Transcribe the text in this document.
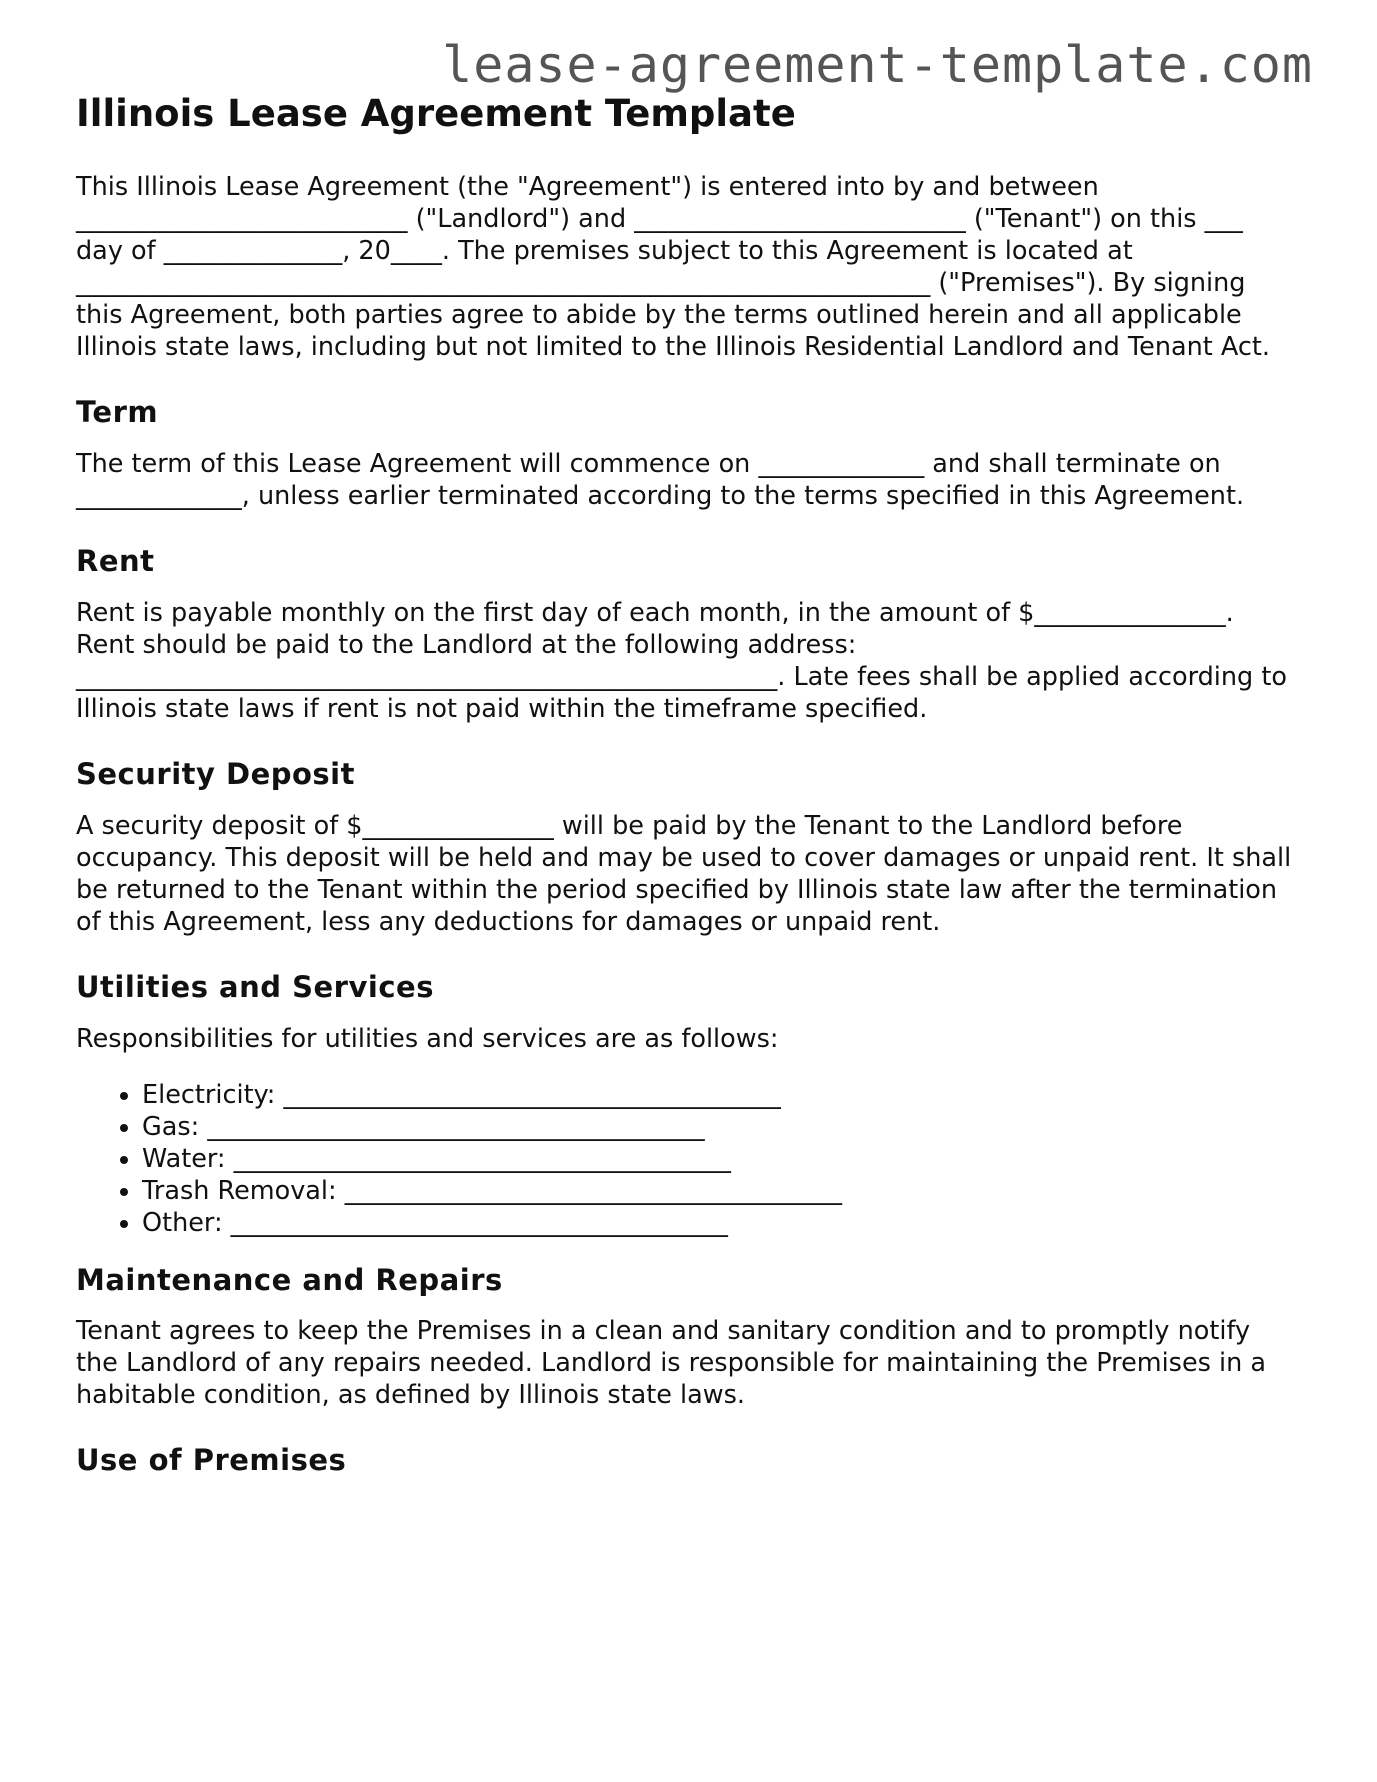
lease-agreement-template.com
Illinois Lease Agreement Template

This Illinois Lease Agreement (the "Agreement") is entered into by and between __________________________ ("Landlord") and __________________________ ("Tenant") on this ___ day of ______________, 20____. The premises subject to this Agreement is located at ___________________________________________________________________ ("Premises"). By signing this Agreement, both parties agree to abide by the terms outlined herein and all applicable Illinois state laws, including but not limited to the Illinois Residential Landlord and Tenant Act.

Term

The term of this Lease Agreement will commence on _____________ and shall terminate on _____________, unless earlier terminated according to the terms specified in this Agreement.

Rent

Rent is payable monthly on the first day of each month, in the amount of $_______________. Rent should be paid to the Landlord at the following address: _______________________________________________________. Late fees shall be applied according to Illinois state laws if rent is not paid within the timeframe specified.

Security Deposit

A security deposit of $_______________ will be paid by the Tenant to the Landlord before occupancy. This deposit will be held and may be used to cover damages or unpaid rent. It shall be returned to the Tenant within the period specified by Illinois state law after the termination of this Agreement, less any deductions for damages or unpaid rent.

Utilities and Services

Responsibilities for utilities and services are as follows:

• Electricity: _______________________________________
• Gas: _______________________________________
• Water: _______________________________________
• Trash Removal: _______________________________________
• Other: _______________________________________
Maintenance and Repairs

Tenant agrees to keep the Premises in a clean and sanitary condition and to promptly notify the Landlord of any repairs needed. Landlord is responsible for maintaining the Premises in a habitable condition, as defined by Illinois state laws.

Use of Premises
